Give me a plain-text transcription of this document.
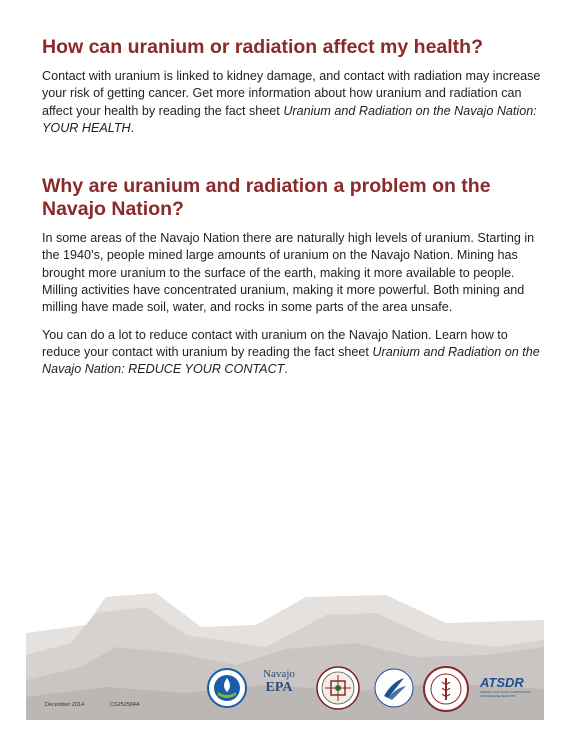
How can uranium or radiation affect my health?

Contact with uranium is linked to kidney damage, and contact with radiation may increase your risk of getting cancer. Get more information about how uranium and radiation can affect your health by reading the fact sheet Uranium and Radiation on the Navajo Nation: YOUR HEALTH.

Why are uranium and radiation a problem on the Navajo Nation?

In some areas of the Navajo Nation there are naturally high levels of uranium. Starting in the 1940’s, people mined large amounts of uranium on the Navajo Nation. Mining has brought more uranium to the surface of the earth, making it more available to people. Milling activities have concentrated uranium, making it more powerful. Both mining and milling have made soil, water, and rocks in some parts of the area unsafe.

You can do a lot to reduce contact with uranium on the Navajo Nation. Learn how to reduce your contact with uranium by reading the fact sheet Uranium and Radiation on the Navajo Nation: REDUCE YOUR CONTACT.

December 2014	CS252584A
Navajo
EPA	ATSDR
AGENCY FOR TOXIC SUBSTANCES AND DISEASE REGISTRY
